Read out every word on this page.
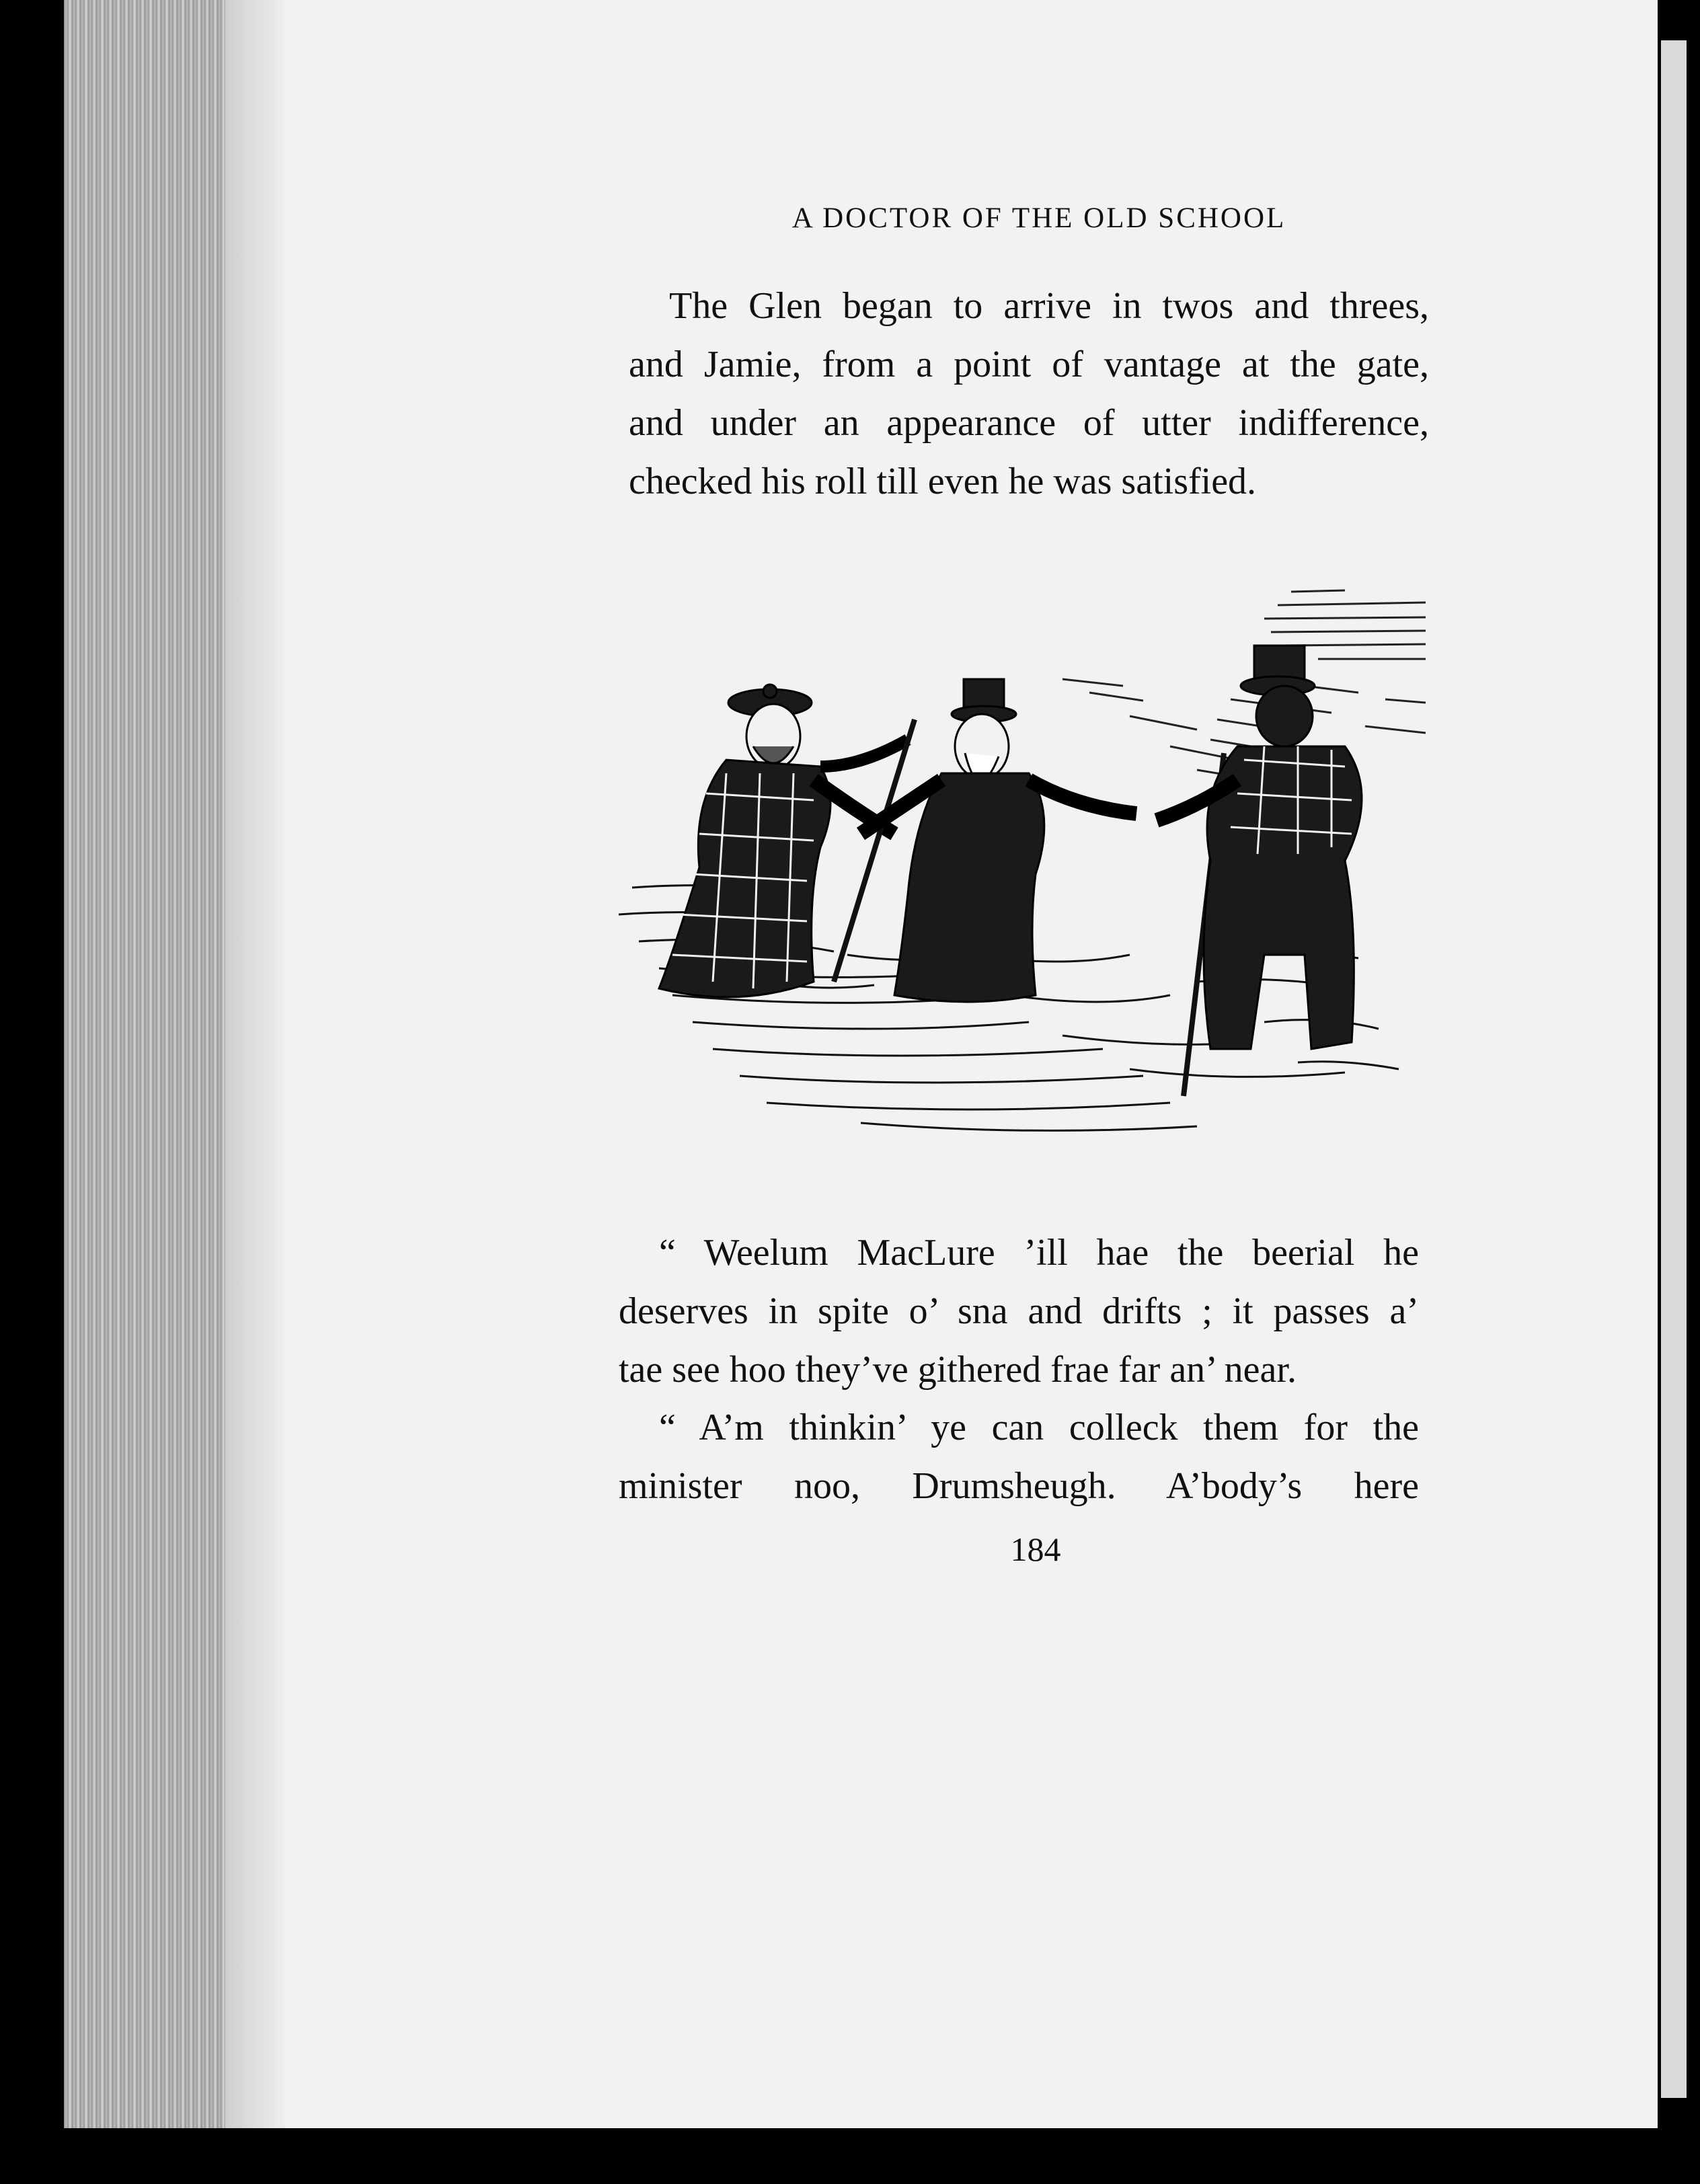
A DOCTOR OF THE OLD SCHOOL
The Glen began to arrive in twos and threes,
and Jamie, from a point of vantage at the gate,
and under an appearance of utter indifference,
checked his roll till even he was satisfied.
“ Weelum MacLure ’ill hae the beerial he
deserves in spite o’ sna and drifts ; it passes a’
tae see hoo they’ve githered frae far an’ near.
“ A’m thinkin’ ye can colleck them for the
minister noo, Drumsheugh. A’body’s here
184
